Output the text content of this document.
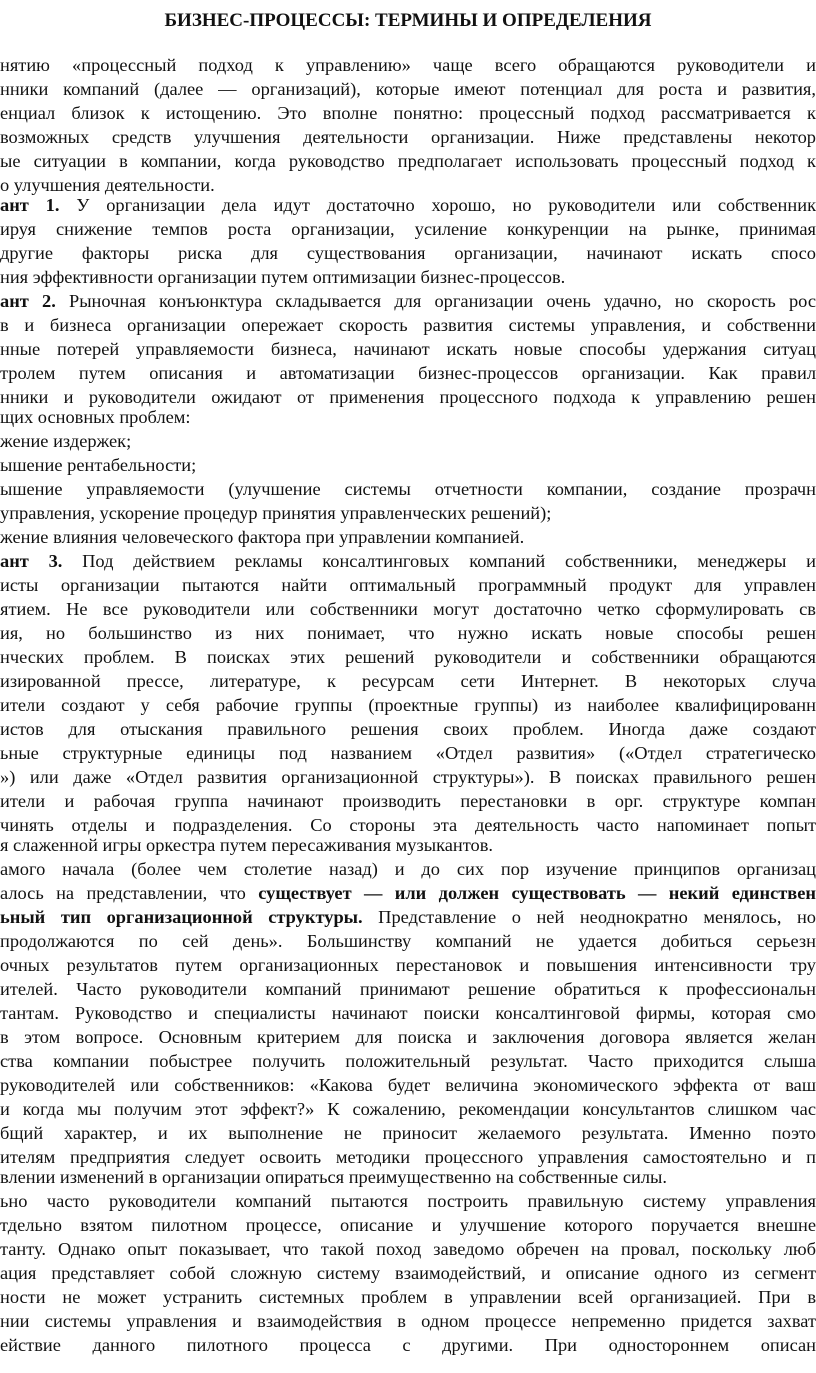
БИЗНЕС-ПРОЦЕССЫ: ТЕРМИНЫ И ОПРЕДЕЛЕНИЯ
нятию «процессный подход к управлению» чаще всего обращаются руководители и
нники компаний (далее — организаций), которые имеют потенциал для роста и развития,
енциал близок к истощению. Это вполне понятно: процессный подход рассматривается к
возможных средств улучшения деятельности организации. Ниже представлены некотор
ые ситуации в компании, когда руководство предполагает использовать процессный подход к
о улучшения деятельности.
ант 1. У организации дела идут достаточно хорошо, но руководители или собственник
ируя снижение темпов роста организации, усиление конкуренции на рынке, принимая
другие факторы риска для существования организации, начинают искать спосо
ния эффективности организации путем оптимизации бизнес-процессов.
ант 2. Рыночная конъюнктура складывается для организации очень удачно, но скорость рос
в и бизнеса организации опережает скорость развития системы управления, и собственни
нные потерей управляемости бизнеса, начинают искать новые способы удержания ситуац
тролем путем описания и автоматизации бизнес-процессов организации. Как правил
нники и руководители ожидают от применения процессного подхода к управлению решен
щих основных проблем:
жение издержек;
ышение рентабельности;
ышение управляемости (улучшение системы отчетности компании, создание прозрачн
управления, ускорение процедур принятия управленческих решений);
жение влияния человеческого фактора при управлении компанией.
ант 3. Под действием рекламы консалтинговых компаний собственники, менеджеры и
исты организации пытаются найти оптимальный программный продукт для управлен
ятием. Не все руководители или собственники могут достаточно четко сформулировать св
ия, но большинство из них понимает, что нужно искать новые способы решен
нческих проблем. В поисках этих решений руководители и собственники обращаются
изированной прессе, литературе, к ресурсам сети Интернет. В некоторых случа
ители создают у себя рабочие группы (проектные группы) из наиболее квалифицированн
истов для отыскания правильного решения своих проблем. Иногда даже создают
ьные структурные единицы под названием «Отдел развития» («Отдел стратегическо
») или даже «Отдел развития организационной структуры»). В поисках правильного решен
ители и рабочая группа начинают производить перестановки в орг. структуре компан
чинять отделы и подразделения. Со стороны эта деятельность часто напоминает попыт
я слаженной игры оркестра путем пересаживания музыкантов.
амого начала (более чем столетие назад) и до сих пор изучение принципов организац
алось на представлении, что существует — или должен существовать — некий единствен
ьный тип организационной структуры. Представление о ней неоднократно менялось, но
продолжаются по сей день». Большинству компаний не удается добиться серьезн
очных результатов путем организационных перестановок и повышения интенсивности тру
ителей. Часто руководители компаний принимают решение обратиться к профессиональн
тантам. Руководство и специалисты начинают поиски консалтинговой фирмы, которая смо
в этом вопросе. Основным критерием для поиска и заключения договора является желан
ства компании побыстрее получить положительный результат. Часто приходится слыша
руководителей или собственников: «Какова будет величина экономического эффекта от ваш
и когда мы получим этот эффект?» К сожалению, рекомендации консультантов слишком час
бщий характер, и их выполнение не приносит желаемого результата. Именно поэто
ителям предприятия следует освоить методики процессного управления самостоятельно и п
влении изменений в организации опираться преимущественно на собственные силы.
ьно часто руководители компаний пытаются построить правильную систему управления
тдельно взятом пилотном процессе, описание и улучшение которого поручается внешне
танту. Однако опыт показывает, что такой поход заведомо обречен на провал, поскольку люб
ация представляет собой сложную систему взаимодействий, и описание одного из сегмент
ности не может устранить системных проблем в управлении всей организацией. При в
нии системы управления и взаимодействия в одном процессе непременно придется захват
ействие данного пилотного процесса с другими. При одностороннем описан
